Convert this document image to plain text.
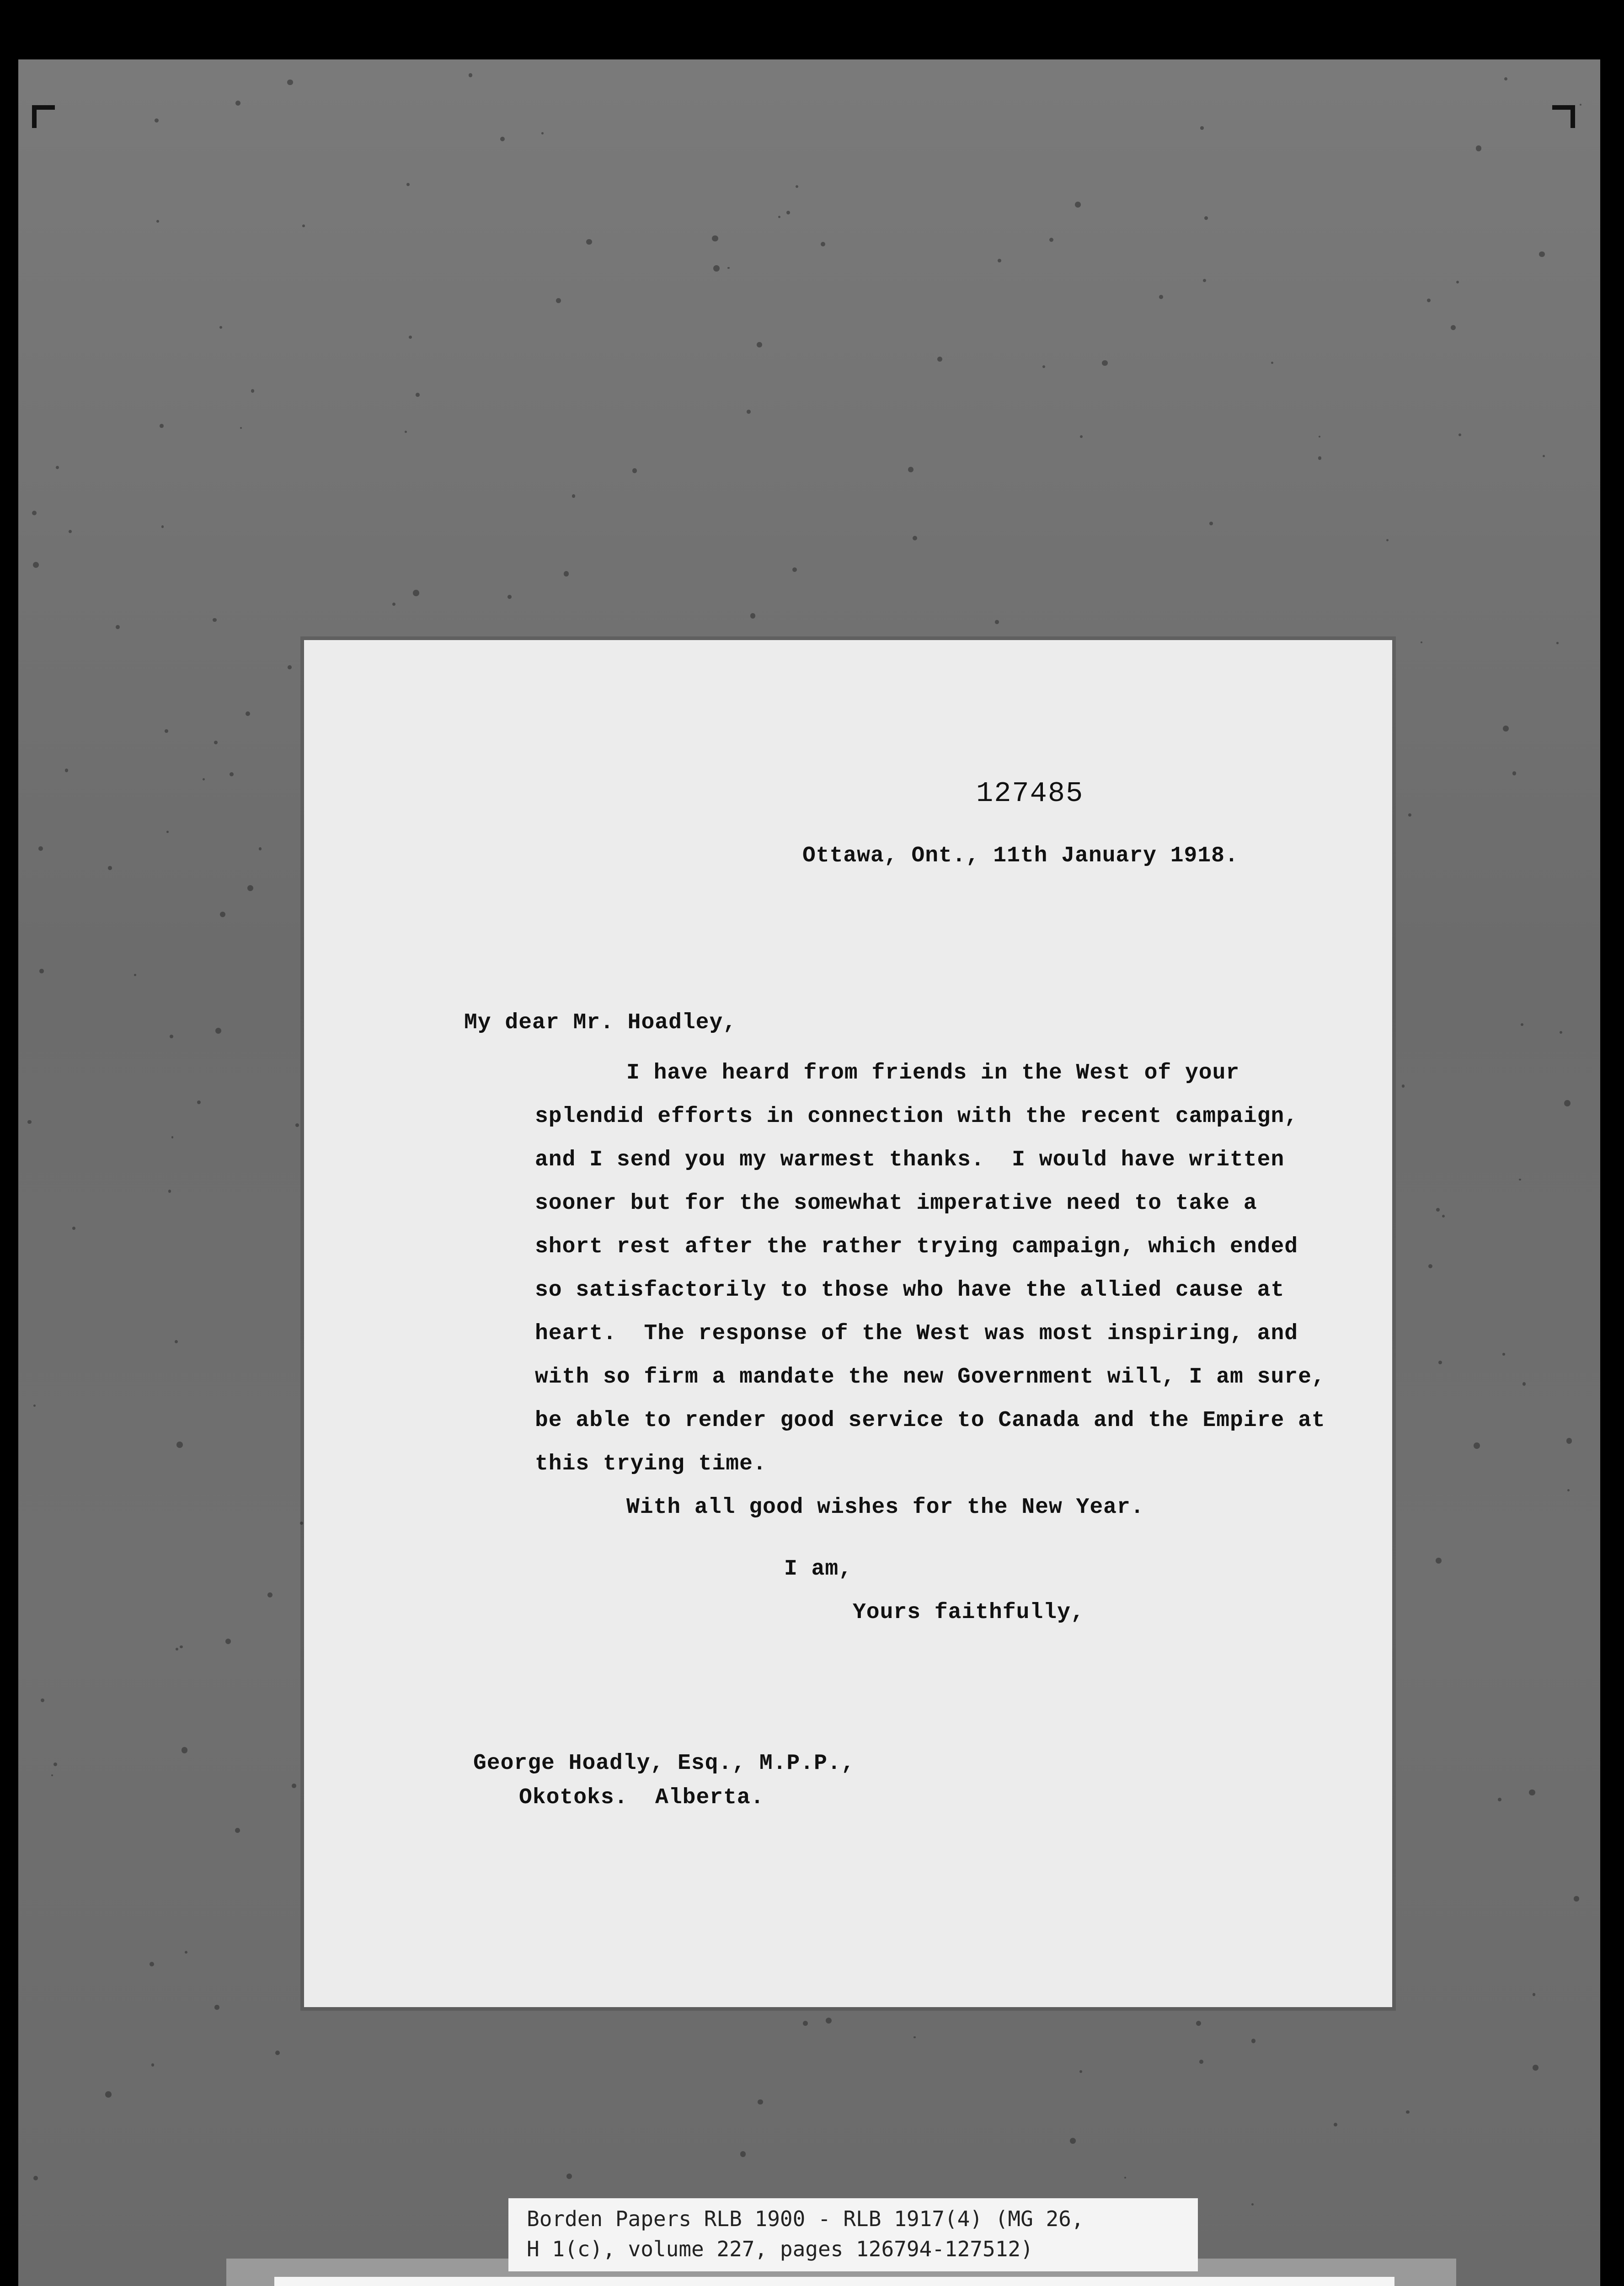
127485
Ottawa, Ont., 11th January 1918.
My dear Mr. Hoadley,
I have heard from friends in the West of your
splendid efforts in connection with the recent campaign,
and I send you my warmest thanks.  I would have written
sooner but for the somewhat imperative need to take a
short rest after the rather trying campaign, which ended
so satisfactorily to those who have the allied cause at
heart.  The response of the West was most inspiring, and
with so firm a mandate the new Government will, I am sure,
be able to render good service to Canada and the Empire at
this trying time.
With all good wishes for the New Year.
I am,
Yours faithfully,
George Hoadly, Esq., M.P.P.,
Okotoks.  Alberta.
Borden Papers RLB 1900 - RLB 1917(4) (MG 26,
H 1(c), volume 227, pages 126794-127512)
